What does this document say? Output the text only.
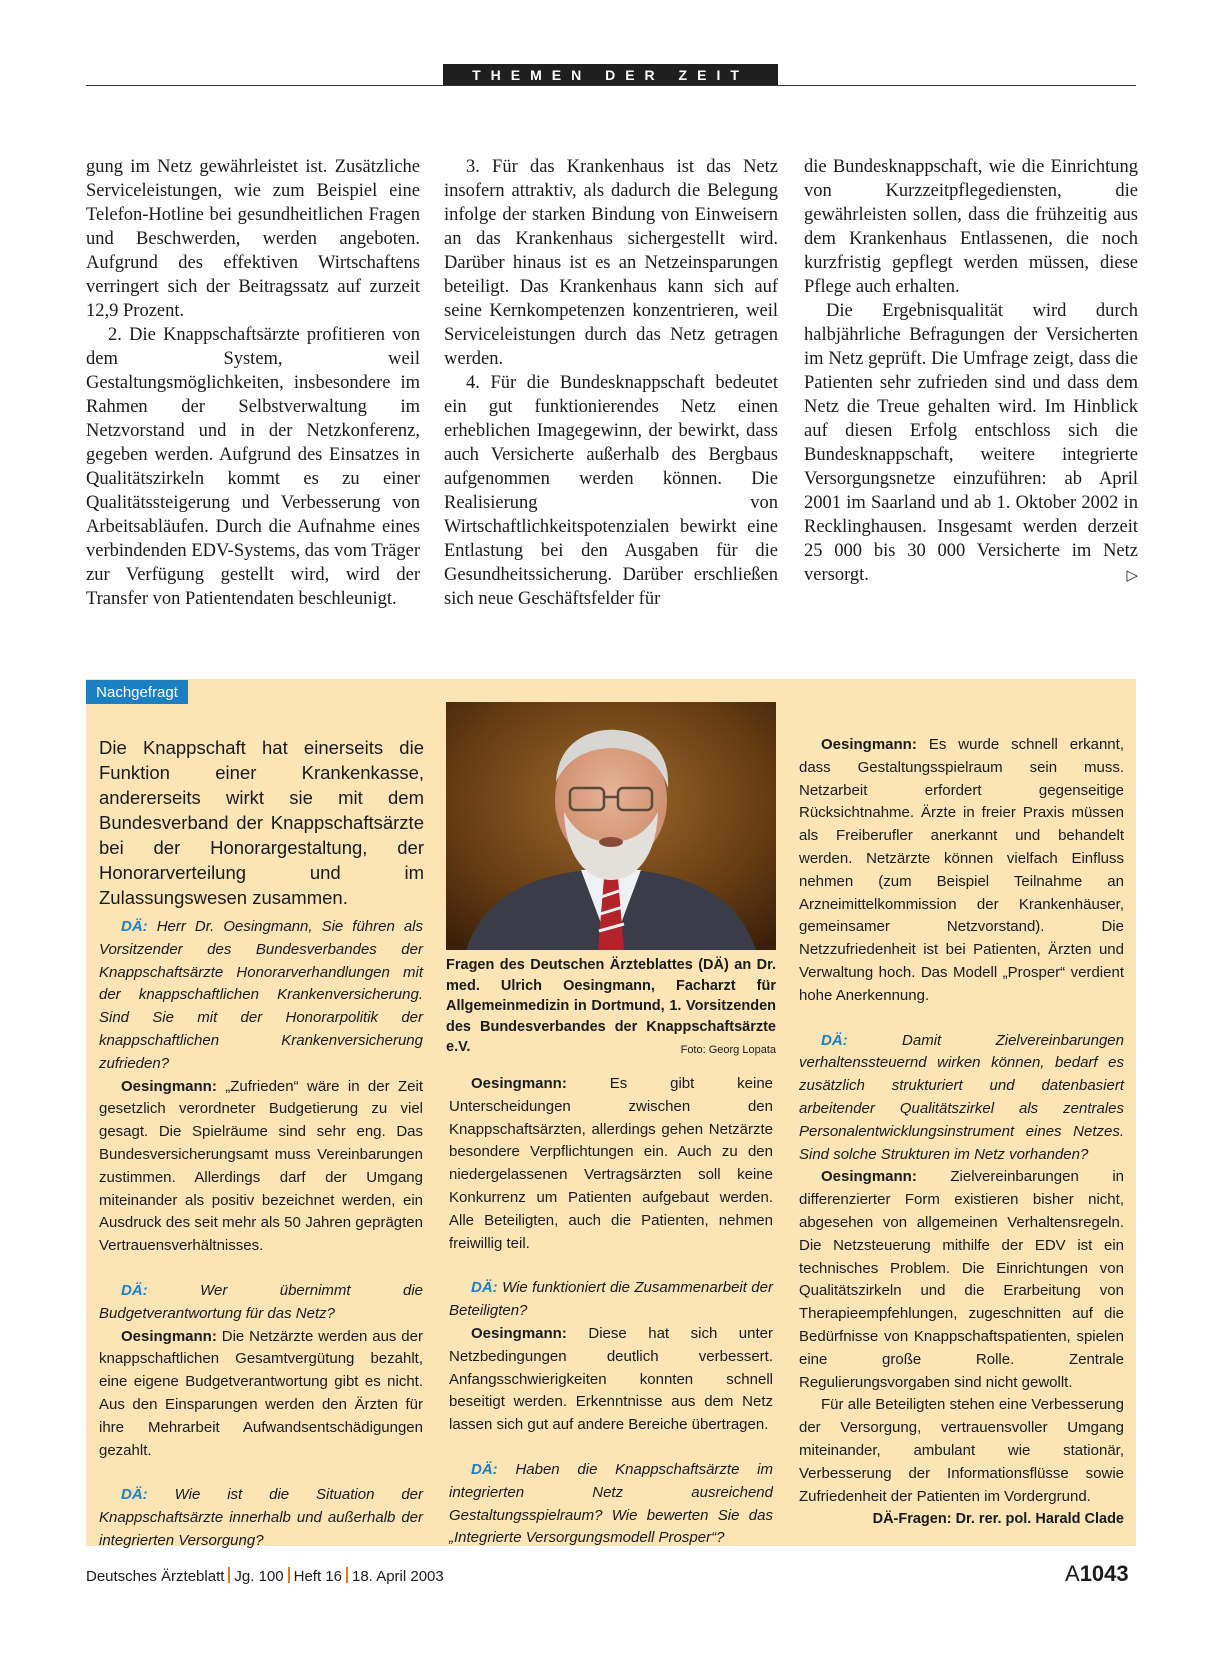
THEMEN DER ZEIT

gung im Netz gewährleistet ist. Zusätzliche Serviceleistungen, wie zum Beispiel eine Telefon-Hotline bei gesundheitlichen Fragen und Beschwerden, werden angeboten. Aufgrund des effektiven Wirtschaftens verringert sich der Beitragssatz auf zurzeit 12,9 Prozent.

2. Die Knappschaftsärzte profitieren von dem System, weil Gestaltungsmöglichkeiten, insbesondere im Rahmen der Selbstverwaltung im Netzvorstand und in der Netzkonferenz, gegeben werden. Aufgrund des Einsatzes in Qualitätszirkeln kommt es zu einer Qualitätssteigerung und Verbesserung von Arbeitsabläufen. Durch die Aufnahme eines verbindenden EDV-Systems, das vom Träger zur Verfügung gestellt wird, wird der Transfer von Patientendaten beschleunigt.

3. Für das Krankenhaus ist das Netz insofern attraktiv, als dadurch die Belegung infolge der starken Bindung von Einweisern an das Krankenhaus sichergestellt wird. Darüber hinaus ist es an Netzeinsparungen beteiligt. Das Krankenhaus kann sich auf seine Kernkompetenzen konzentrieren, weil Serviceleistungen durch das Netz getragen werden.

4. Für die Bundesknappschaft bedeutet ein gut funktionierendes Netz einen erheblichen Imagegewinn, der bewirkt, dass auch Versicherte außerhalb des Bergbaus aufgenommen werden können. Die Realisierung von Wirtschaftlichkeitspotenzialen bewirkt eine Entlastung bei den Ausgaben für die Gesundheitssicherung. Darüber erschließen sich neue Geschäftsfelder für

die Bundesknappschaft, wie die Einrichtung von Kurzzeitpflegediensten, die gewährleisten sollen, dass die frühzeitig aus dem Krankenhaus Entlassenen, die noch kurzfristig gepflegt werden müssen, diese Pflege auch erhalten.

Die Ergebnisqualität wird durch halbjährliche Befragungen der Versicherten im Netz geprüft. Die Umfrage zeigt, dass die Patienten sehr zufrieden sind und dass dem Netz die Treue gehalten wird. Im Hinblick auf diesen Erfolg entschloss sich die Bundesknappschaft, weitere integrierte Versorgungsnetze einzuführen: ab April 2001 im Saarland und ab 1. Oktober 2002 in Recklinghausen. Insgesamt werden derzeit 25 000 bis 30 000 Versicherte im Netz versorgt.	▷

Nachgefragt
Die Knappschaft hat einerseits die Funktion einer Krankenkasse, andererseits wirkt sie mit dem Bundesverband der Knappschaftsärzte bei der Honorargestaltung, der Honorarverteilung und im Zulassungswesen zusammen.

DÄ: Herr Dr. Oesingmann, Sie führen als Vorsitzender des Bundesverbandes der Knappschaftsärzte Honorarverhandlungen mit der knappschaftlichen Krankenversicherung. Sind Sie mit der Honorarpolitik der knappschaftlichen Krankenversicherung zufrieden?

Oesingmann: „Zufrieden“ wäre in der Zeit gesetzlich verordneter Budgetierung zu viel gesagt. Die Spielräume sind sehr eng. Das Bundesversicherungsamt muss Vereinbarungen zustimmen. Allerdings darf der Umgang miteinander als positiv bezeichnet werden, ein Ausdruck des seit mehr als 50 Jahren geprägten Vertrauensverhältnisses.

DÄ:	Wer übernimmt die Budgetverantwortung für das Netz?

Oesingmann: Die Netzärzte werden aus der knappschaftlichen Gesamtvergütung bezahlt, eine eigene Budgetverantwortung gibt es nicht. Aus den Einsparungen werden den Ärzten für ihre Mehrarbeit Aufwandsentschädigungen gezahlt.

DÄ: Wie ist die Situation der Knappschaftsärzte innerhalb und außerhalb der integrierten Versorgung?

Fragen des Deutschen Ärzteblattes (DÄ) an Dr. med. Ulrich Oesingmann, Facharzt für Allgemeinmedizin in Dortmund, 1. Vorsitzenden des Bundesverbandes der Knappschaftsärzte e.V.	Foto: Georg Lopata

Oesingmann:	Es gibt keine Unterscheidungen zwischen den Knappschaftsärzten, allerdings gehen Netzärzte besondere Verpflichtungen ein. Auch zu den niedergelassenen Vertragsärzten soll keine Konkurrenz um Patienten aufgebaut werden. Alle Beteiligten, auch die Patienten, nehmen freiwillig teil.

DÄ: Wie funktioniert die Zusammenarbeit der Beteiligten?

Oesingmann: Diese hat sich unter Netzbedingungen deutlich verbessert. Anfangsschwierigkeiten konnten schnell beseitigt werden. Erkenntnisse aus dem Netz lassen sich gut auf andere Bereiche übertragen.

DÄ: Haben die Knappschaftsärzte im integrierten Netz ausreichend Gestaltungsspielraum? Wie bewerten Sie das „Integrierte Versorgungsmodell Prosper“?

Oesingmann: Es wurde schnell erkannt, dass Gestaltungsspielraum sein muss. Netzarbeit erfordert gegenseitige Rücksichtnahme. Ärzte in freier Praxis müssen als Freiberufler anerkannt und behandelt werden. Netzärzte können vielfach Einfluss nehmen (zum Beispiel Teilnahme an Arzneimittelkommission der Krankenhäuser, gemeinsamer Netzvorstand). Die Netzzufriedenheit ist bei Patienten, Ärzten und Verwaltung hoch. Das Modell „Prosper“ verdient hohe Anerkennung.

DÄ:	Damit Zielvereinbarungen verhaltenssteuernd wirken können, bedarf es zusätzlich strukturiert und datenbasiert arbeitender Qualitätszirkel als zentrales Personalentwicklungsinstrument eines Netzes. Sind solche Strukturen im Netz vorhanden?

Oesingmann: Zielvereinbarungen in differenzierter Form existieren bisher nicht, abgesehen von allgemeinen Verhaltensregeln. Die Netzsteuerung mithilfe der EDV ist ein technisches Problem. Die Einrichtungen von Qualitätszirkeln und die Erarbeitung von Therapieempfehlungen, zugeschnitten auf die Bedürfnisse von Knappschaftspatienten, spielen eine große Rolle. Zentrale Regulierungsvorgaben sind nicht gewollt.

Für alle Beteiligten stehen eine Verbesserung der Versorgung, vertrauensvoller Umgang miteinander, ambulant wie stationär, Verbesserung der Informationsflüsse sowie Zufriedenheit der Patienten im Vordergrund.

DÄ-Fragen: Dr. rer. pol. Harald Clade

Deutsches Ärzteblatt Jg. 100 Heft 16 18. April 2003	A1043
